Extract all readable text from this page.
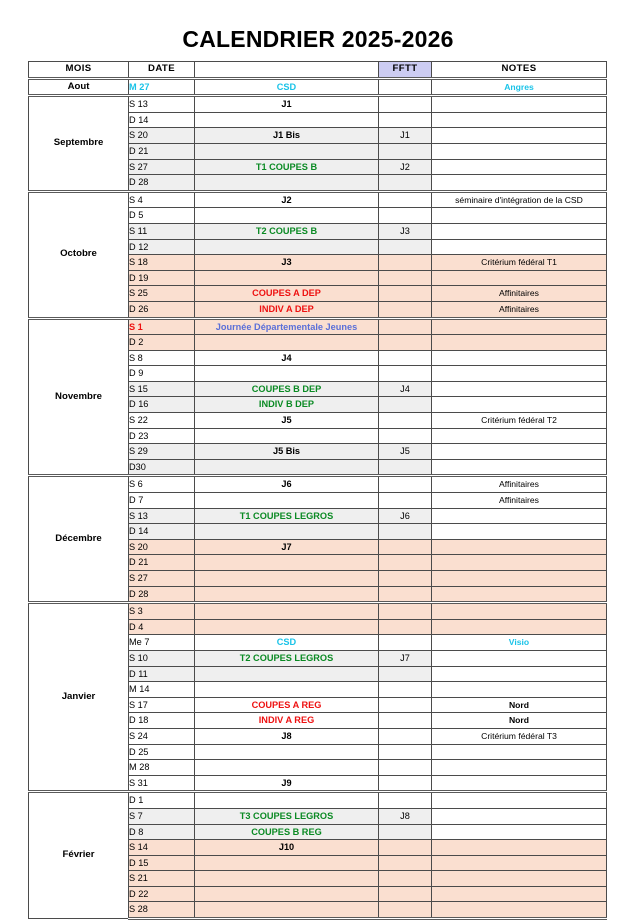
CALENDRIER 2025-2026
MOIS	DATE		FFTT	NOTES
Aout	M 27	CSD		Angres
Septembre	S 13	J1		
	D 14			
	S 20	J1 Bis	J1	
	D 21			
	S 27	T1 COUPES B	J2	
	D 28			
Octobre	S 4	J2		séminaire d'intégration de la CSD
	D 5			
	S 11	T2 COUPES B	J3	
	D 12			
	S 18	J3		Critérium fédéral T1
	D 19			
	S 25	COUPES A DEP		Affinitaires
	D 26	INDIV A DEP		Affinitaires
Novembre	S 1	Journée Départementale Jeunes		
	D 2			
	S 8	J4		
	D 9			
	S 15	COUPES B DEP	J4	
	D 16	INDIV B DEP		
	S 22	J5		Critérium fédéral T2
	D 23			
	S 29	J5 Bis	J5	
	D30			
Décembre	S 6	J6		Affinitaires
	D 7			Affinitaires
	S 13	T1 COUPES LEGROS	J6	
	D 14			
	S 20	J7		
	D 21			
	S 27			
	D 28			
Janvier	S 3			
	D 4			
	Me 7	CSD		Visio
	S 10	T2 COUPES LEGROS	J7	
	D 11			
	M 14			
	S 17	COUPES A REG		Nord
	D 18	INDIV A REG		Nord
	S 24	J8		Critérium fédéral T3
	D 25			
	M 28			
	S 31	J9		
Février	D 1			
	S 7	T3 COUPES LEGROS	J8	
	D 8	COUPES B REG		
	S 14	J10		
	D 15			
	S 21			
	D 22			
	S 28			
